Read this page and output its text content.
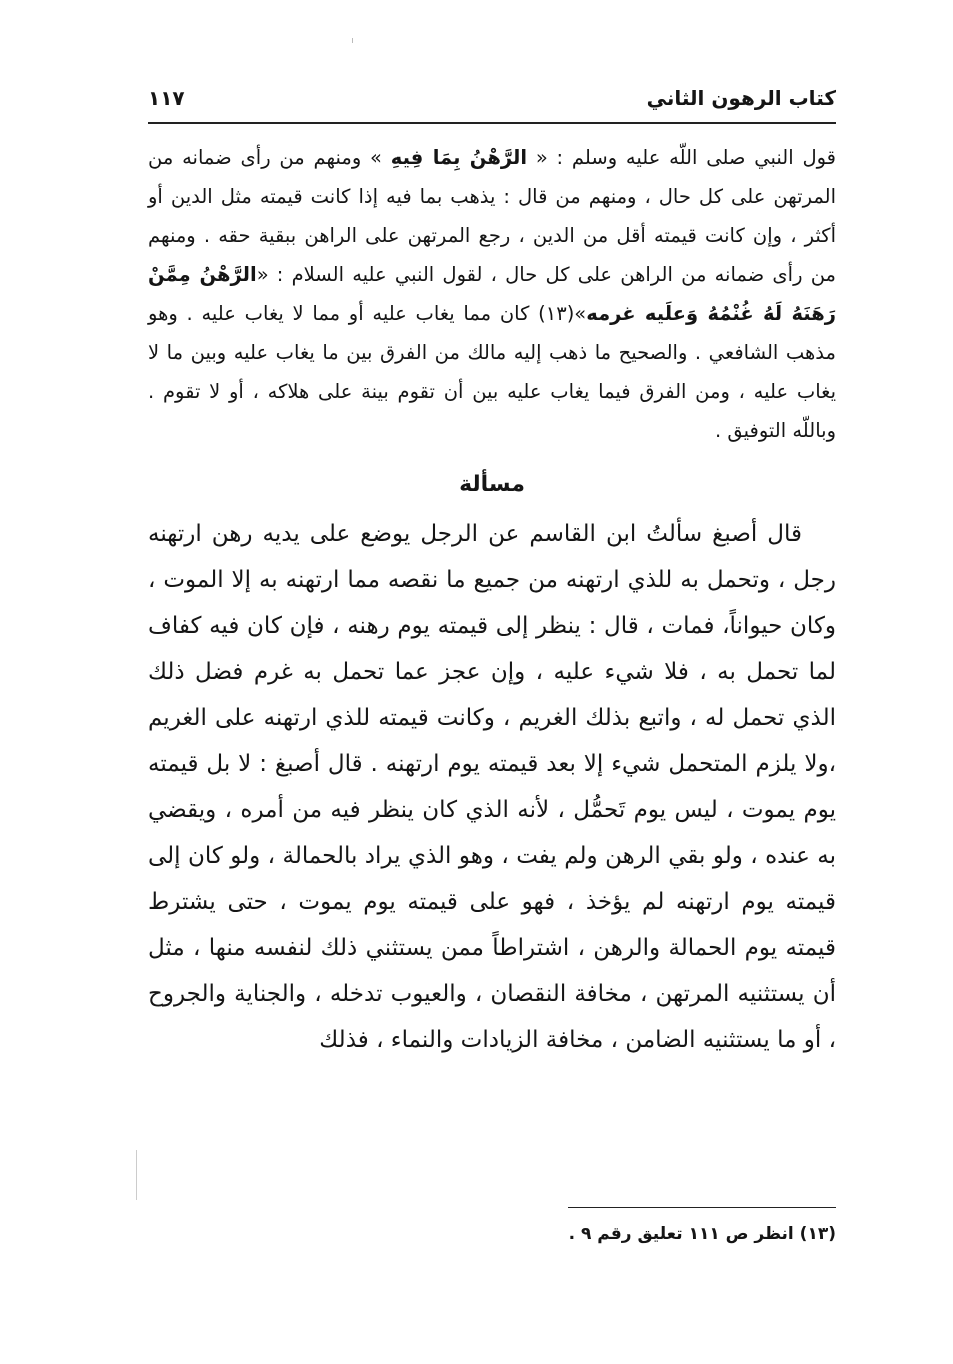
كتاب الرهون الثاني
١١٧

قول النبي صلى اللّه عليه وسلم : « الرَّهْنُ بِمَا فِيهِ » ومنهم من رأى ضمانه من المرتهن على كل حال ، ومنهم من قال : يذهب بما فيه إذا كانت قيمته مثل الدين أو أكثر ، وإن كانت قيمته أقل من الدين ، رجع المرتهن على الراهن ببقية حقه . ومنهم من رأى ضمانه من الراهن على كل حال ، لقول النبي عليه السلام : «الرَّهْنُ مِمَّنْ رَهَنَهُ لَهُ غُنْمُهُ وَعلَيه غرمه»(١٣) كان مما يغاب عليه أو مما لا يغاب عليه . وهو مذهب الشافعي . والصحيح ما ذهب إليه مالك من الفرق بين ما يغاب عليه وبين ما لا يغاب عليه ، ومن الفرق فيما يغاب عليه بين أن تقوم بينة على هلاكه ، أو لا تقوم . وباللّه التوفيق .

مسألة

قال أصبغ سألتُ ابن القاسم عن الرجل يوضع على يديه رهن ارتهنه رجل ، وتحمل به للذي ارتهنه من جميع ما نقصه مما ارتهنه به إلا الموت ، وكان حيواناً، فمات ، قال : ينظر إلى قيمته يوم رهنه ، فإن كان فيه كفاف لما تحمل به ، فلا شيء عليه ، وإن عجز عما تحمل به غرم فضل ذلك الذي تحمل له ، واتبع بذلك الغريم ، وكانت قيمته للذي ارتهنه على الغريم ،ولا يلزم المتحمل شيء إلا بعد قيمته يوم ارتهنه . قال أصبغ : لا بل قيمته يوم يموت ، ليس يوم تَحمُّل ، لأنه الذي كان ينظر فيه من أمره ، ويقضي به عنده ، ولو بقي الرهن ولم يفت ، وهو الذي يراد بالحمالة ، ولو كان إلى قيمته يوم ارتهنه لم يؤخذ ، فهو على قيمته يوم يموت ، حتى يشترط قيمته يوم الحمالة والرهن ، اشتراطاً ممن يستثني ذلك لنفسه منها ، مثل أن يستثنيه المرتهن ، مخافة النقصان ، والعيوب تدخله ، والجناية والجروح ، أو ما يستثنيه الضامن ، مخافة الزيادات والنماء ، فذلك

(١٣) انظر ص ١١١ تعليق رقم ٩ .
